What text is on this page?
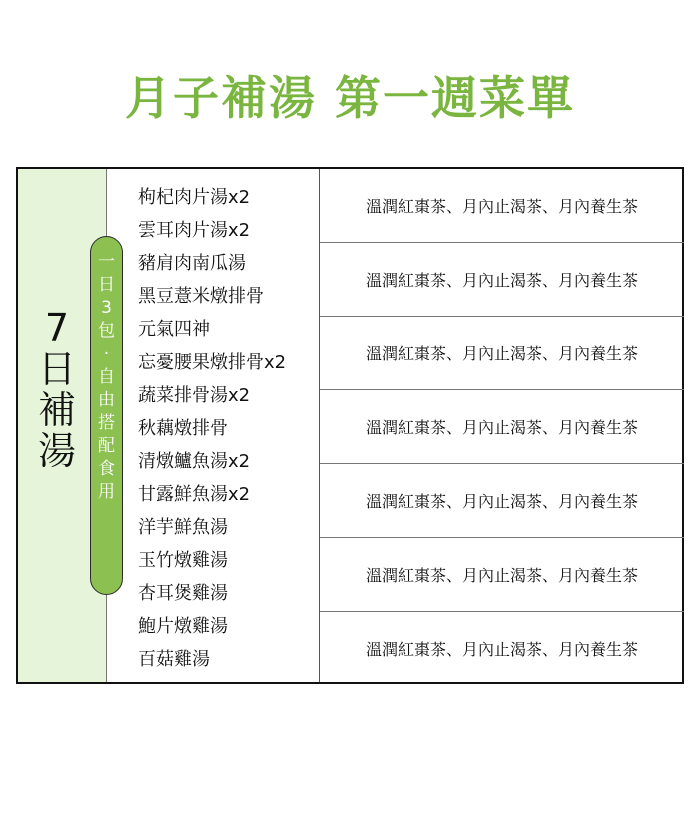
月子補湯 第一週菜單
7
日
補
湯
一
日
3
包
·
自
由
搭
配
食
用
枸杞肉片湯x2
雲耳肉片湯x2
豬肩肉南瓜湯
黑豆薏米燉排骨
元氣四神
忘憂腰果燉排骨x2
蔬菜排骨湯x2
秋藕燉排骨
清燉鱸魚湯x2
甘露鮮魚湯x2
洋芋鮮魚湯
玉竹燉雞湯
杏耳煲雞湯
鮑片燉雞湯
百菇雞湯
溫潤紅棗茶、月內止渴茶、月內養生茶
溫潤紅棗茶、月內止渴茶、月內養生茶
溫潤紅棗茶、月內止渴茶、月內養生茶
溫潤紅棗茶、月內止渴茶、月內養生茶
溫潤紅棗茶、月內止渴茶、月內養生茶
溫潤紅棗茶、月內止渴茶、月內養生茶
溫潤紅棗茶、月內止渴茶、月內養生茶
